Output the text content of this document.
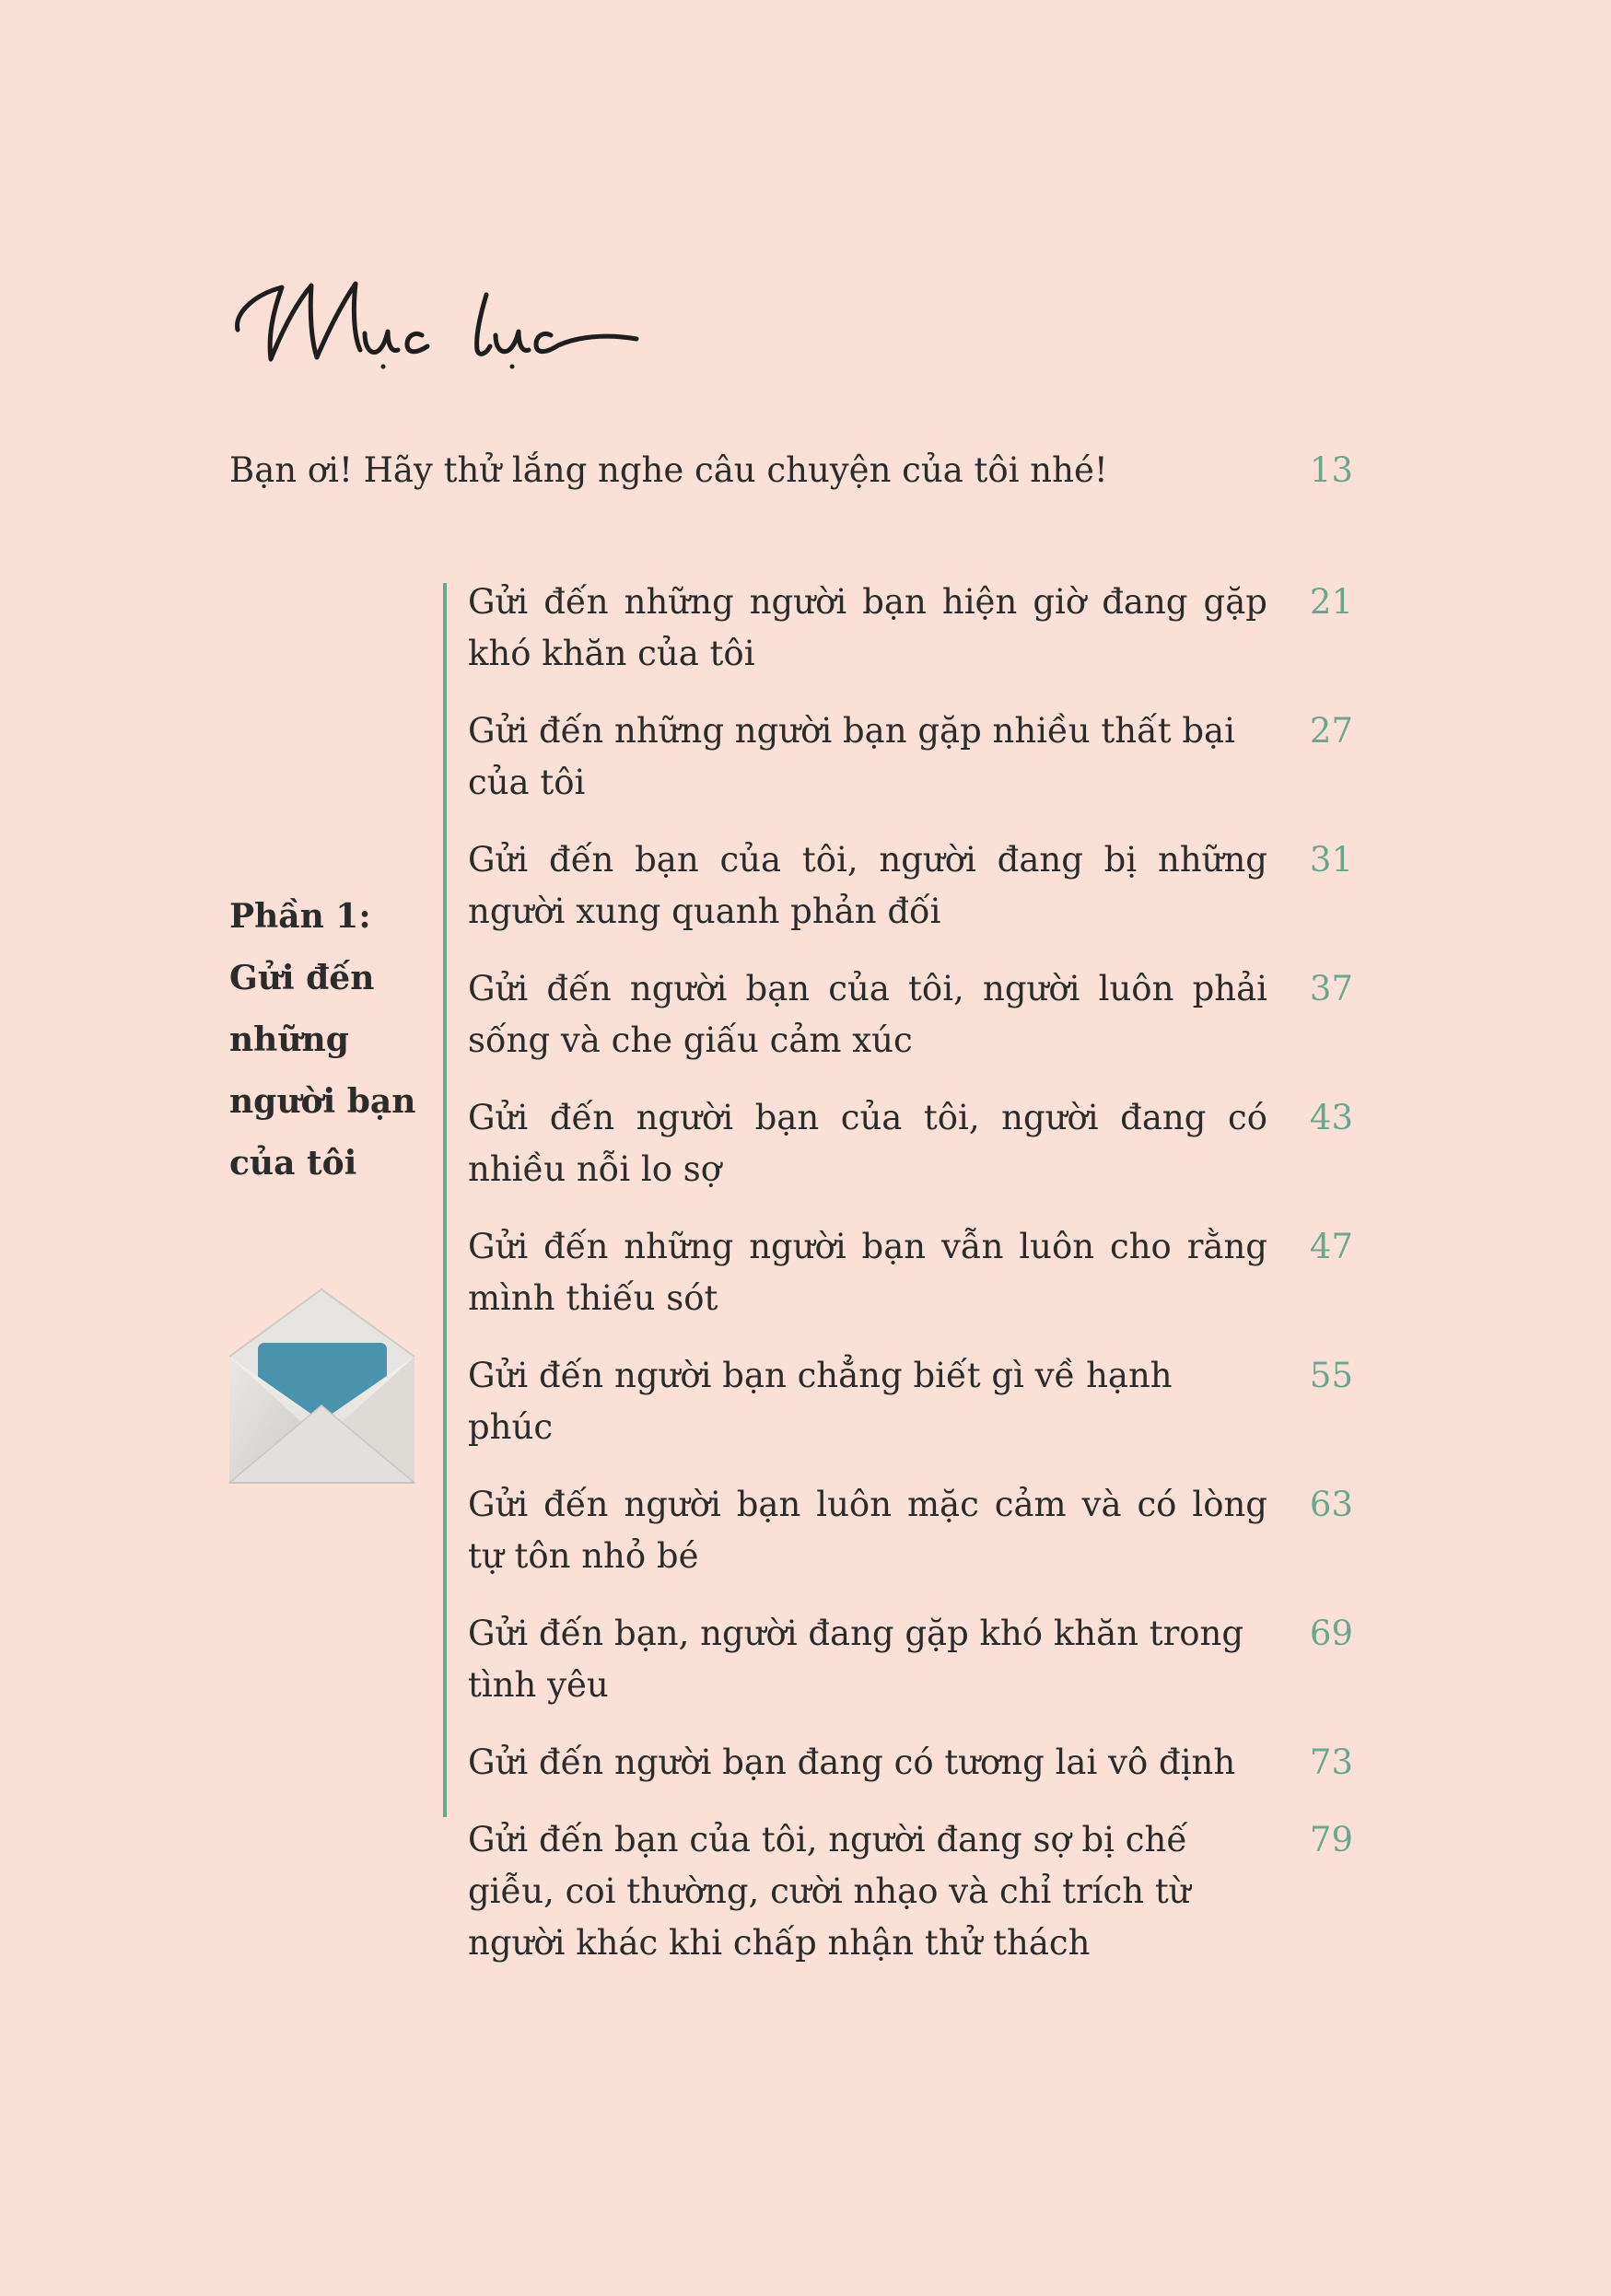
Bạn ơi! Hãy thử lắng nghe câu chuyện của tôi nhé!	13
Phần 1:
Gửi đến
những
người bạn
của tôi
Gửi đến những người bạn hiện giờ đang gặp khó khăn của tôi
21
Gửi đến những người bạn gặp nhiều thất bại của tôi
27
Gửi đến bạn của tôi, người đang bị những người xung quanh phản đối
31
Gửi đến người bạn của tôi, người luôn phải sống và che giấu cảm xúc
37
Gửi đến người bạn của tôi, người đang có nhiều nỗi lo sợ
43
Gửi đến những người bạn vẫn luôn cho rằng mình thiếu sót
47
Gửi đến người bạn chẳng biết gì về hạnh phúc
55
Gửi đến người bạn luôn mặc cảm và có lòng tự tôn nhỏ bé
63
Gửi đến bạn, người đang gặp khó khăn trong tình yêu
69
Gửi đến người bạn đang có tương lai vô định	73
Gửi đến bạn của tôi, người đang sợ bị chế giễu, coi thường, cười nhạo và chỉ trích từ người khác khi chấp nhận thử thách
79
